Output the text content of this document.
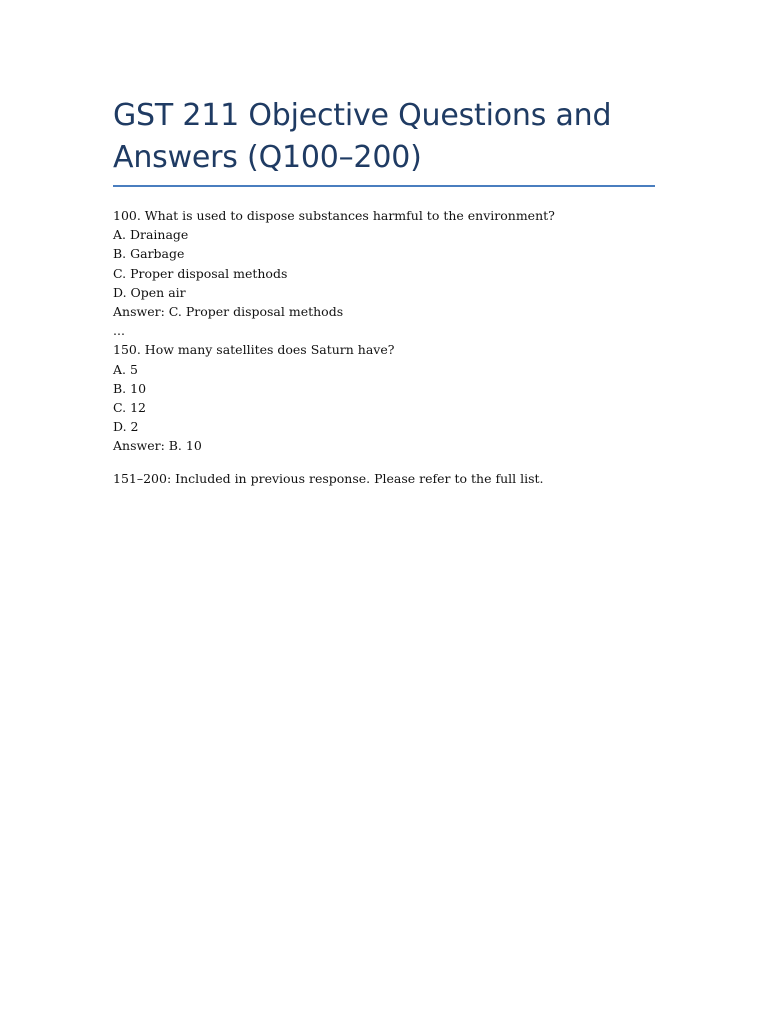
GST 211 Objective Questions and Answers (Q100–200)
100. What is used to dispose substances harmful to the environment?
A. Drainage
B. Garbage
C. Proper disposal methods
D. Open air
Answer: C. Proper disposal methods
...
150. How many satellites does Saturn have?
A. 5
B. 10
C. 12
D. 2
Answer: B. 10
151–200: Included in previous response. Please refer to the full list.
